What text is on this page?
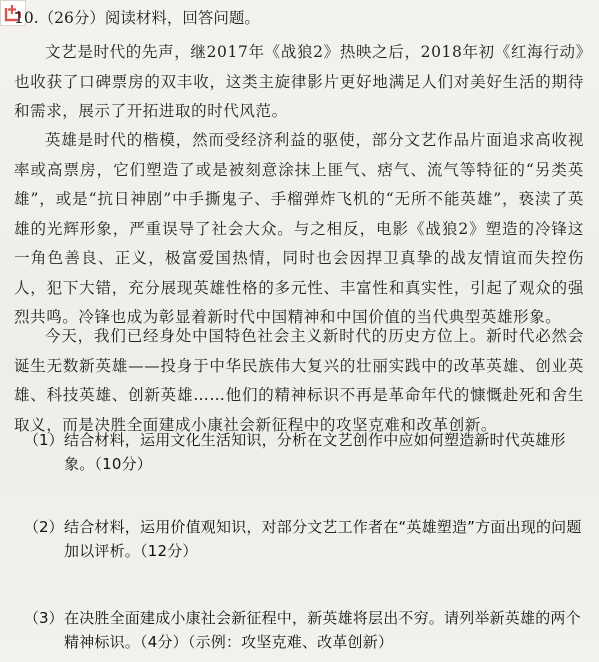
10.（26分）阅读材料，回答问题。

文艺是时代的先声，继2017年《战狼2》热映之后，2018年初《红海行动》也收获了口碑票房的双丰收，这类主旋律影片更好地满足人们对美好生活的期待和需求，展示了开拓进取的时代风范。

英雄是时代的楷模，然而受经济利益的驱使，部分文艺作品片面追求高收视率或高票房，它们塑造了或是被刻意涂抹上匪气、痞气、流气等特征的“另类英雄”，或是“抗日神剧”中手撕鬼子、手榴弹炸飞机的“无所不能英雄”，亵渎了英雄的光辉形象，严重误导了社会大众。与之相反，电影《战狼2》塑造的冷锋这一角色善良、正义，极富爱国热情，同时也会因捍卫真挚的战友情谊而失控伤人，犯下大错，充分展现英雄性格的多元性、丰富性和真实性，引起了观众的强烈共鸣。冷锋也成为彰显着新时代中国精神和中国价值的当代典型英雄形象。

今天，我们已经身处中国特色社会主义新时代的历史方位上。新时代必然会诞生无数新英雄——投身于中华民族伟大复兴的壮丽实践中的改革英雄、创业英雄、科技英雄、创新英雄……他们的精神标识不再是革命年代的慷慨赴死和舍生取义，而是决胜全面建成小康社会新征程中的攻坚克难和改革创新。

（1） 结合材料，运用文化生活知识，分析在文艺创作中应如何塑造新时代英雄形象。（10分）
（2） 结合材料，运用价值观知识，对部分文艺工作者在“英雄塑造”方面出现的问题加以评析。（12分）
（3） 在决胜全面建成小康社会新征程中，新英雄将层出不穷。请列举新英雄的两个精神标识。（4分）（示例：攻坚克难、改革创新）
